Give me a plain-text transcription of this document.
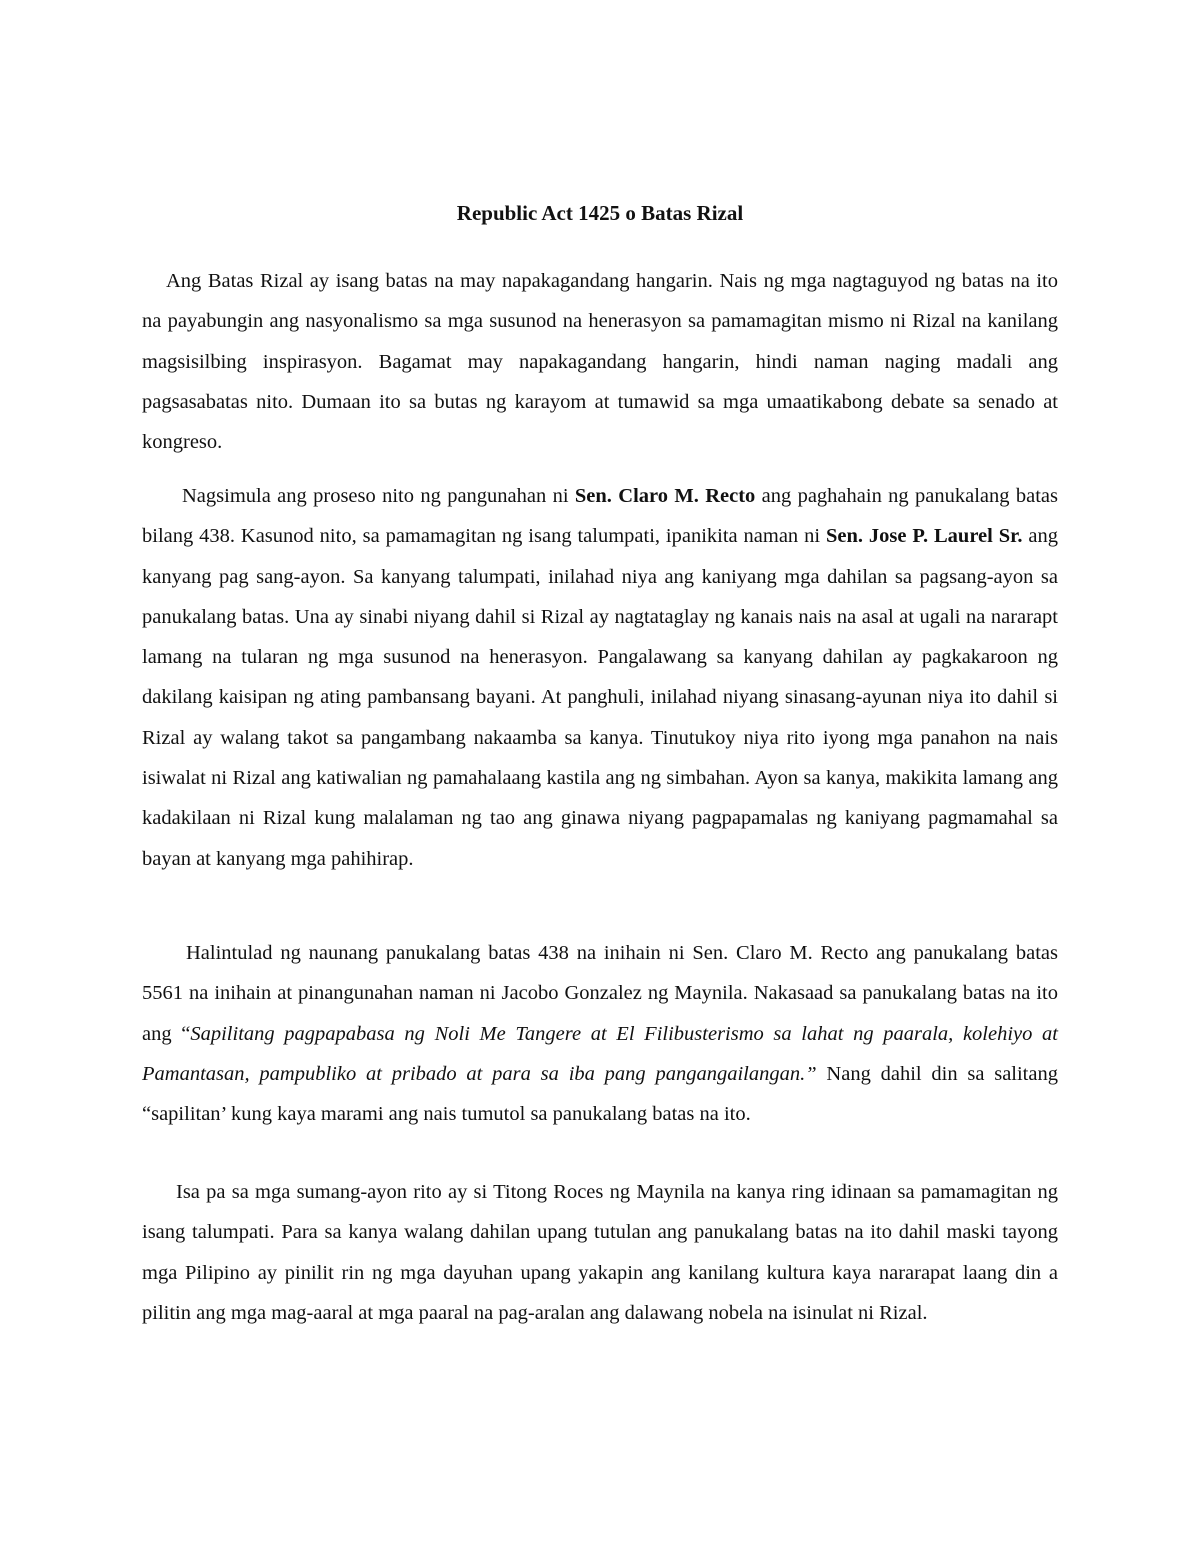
Republic Act 1425 o Batas Rizal

Ang Batas Rizal ay isang batas na may napakagandang hangarin. Nais ng mga nagtaguyod ng batas na ito na payabungin ang nasyonalismo sa mga susunod na henerasyon sa pamamagitan mismo ni Rizal na kanilang magsisilbing inspirasyon. Bagamat may napakagandang hangarin, hindi naman naging madali ang pagsasabatas nito. Dumaan ito sa butas ng karayom at tumawid sa mga umaatikabong debate sa senado at kongreso.

Nagsimula ang proseso nito ng pangunahan ni Sen. Claro M. Recto ang paghahain ng panukalang batas bilang 438. Kasunod nito, sa pamamagitan ng isang talumpati, ipanikita naman ni Sen. Jose P. Laurel Sr. ang kanyang pag sang-ayon. Sa kanyang talumpati, inilahad niya ang kaniyang mga dahilan sa pagsang-ayon sa panukalang batas. Una ay sinabi niyang dahil si Rizal ay nagtataglay ng kanais nais na asal at ugali na nararapt lamang na tularan ng mga susunod na henerasyon. Pangalawang sa kanyang dahilan ay pagkakaroon ng dakilang kaisipan ng ating pambansang bayani. At panghuli, inilahad niyang sinasang-ayunan niya ito dahil si Rizal ay walang takot sa pangambang nakaamba sa kanya. Tinutukoy niya rito iyong mga panahon na nais isiwalat ni Rizal ang katiwalian ng pamahalaang kastila ang ng simbahan. Ayon sa kanya, makikita lamang ang kadakilaan ni Rizal kung malalaman ng tao ang ginawa niyang pagpapamalas ng kaniyang pagmamahal sa bayan at kanyang mga pahihirap.

Halintulad ng naunang panukalang batas 438 na inihain ni Sen. Claro M. Recto ang panukalang batas 5561 na inihain at pinangunahan naman ni Jacobo Gonzalez ng Maynila. Nakasaad sa panukalang batas na ito ang “Sapilitang pagpapabasa ng Noli Me Tangere at El Filibusterismo sa lahat ng paarala, kolehiyo at Pamantasan, pampubliko at pribado at para sa iba pang pangangailangan.” Nang dahil din sa salitang “sapilitan’ kung kaya marami ang nais tumutol sa panukalang batas na ito.

Isa pa sa mga sumang-ayon rito ay si Titong Roces ng Maynila na kanya ring idinaan sa pamamagitan ng isang talumpati. Para sa kanya walang dahilan upang tutulan ang panukalang batas na ito dahil maski tayong mga Pilipino ay pinilit rin ng mga dayuhan upang yakapin ang kanilang kultura kaya nararapat laang din a pilitin ang mga mag-aaral at mga paaral na pag-aralan ang dalawang nobela na isinulat ni Rizal.
